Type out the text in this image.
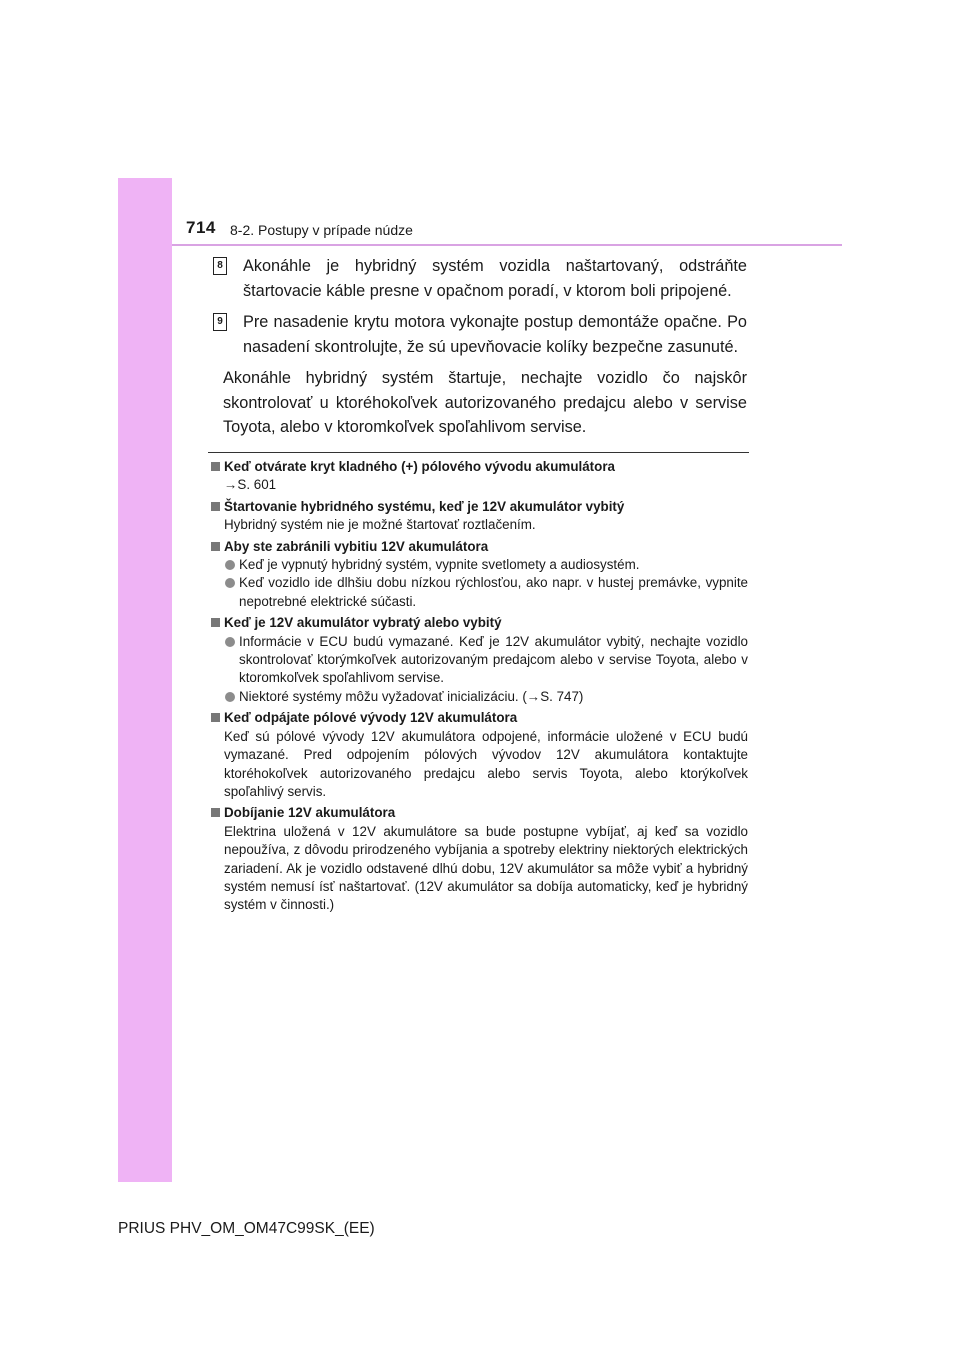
714 8-2. Postupy v prípade núdze
8 Akonáhle je hybridný systém vozidla naštartovaný, odstráňte štartovacie káble presne v opačnom poradí, v ktorom boli pripojené.
9 Pre nasadenie krytu motora vykonajte postup demontáže opačne. Po nasadení skontrolujte, že sú upevňovacie kolíky bezpečne zasunuté.
Akonáhle hybridný systém štartuje, nechajte vozidlo čo najskôr skontrolovať u ktoréhokoľvek autorizovaného predajcu alebo v servise Toyota, alebo v ktoromkoľvek spoľahlivom servise.
Keď otvárate kryt kladného (+) pólového vývodu akumulátora
→S. 601
Štartovanie hybridného systému, keď je 12V akumulátor vybitý
Hybridný systém nie je možné štartovať roztlačením.
Aby ste zabránili vybitiu 12V akumulátora
Keď je vypnutý hybridný systém, vypnite svetlomety a audiosystém.
Keď vozidlo ide dlhšiu dobu nízkou rýchlosťou, ako napr. v hustej premávke, vypnite nepotrebné elektrické súčasti.
Keď je 12V akumulátor vybratý alebo vybitý
Informácie v ECU budú vymazané. Keď je 12V akumulátor vybitý, nechajte vozidlo skontrolovať ktorýmkoľvek autorizovaným predajcom alebo v servise Toyota, alebo v ktoromkoľvek spoľahlivom servise.
Niektoré systémy môžu vyžadovať inicializáciu. (→S. 747)
Keď odpájate pólové vývody 12V akumulátora
Keď sú pólové vývody 12V akumulátora odpojené, informácie uložené v ECU budú vymazané. Pred odpojením pólových vývodov 12V akumulátora kontaktujte ktoréhokoľvek autorizovaného predajcu alebo servis Toyota, alebo ktorýkoľvek spoľahlivý servis.
Dobíjanie 12V akumulátora
Elektrina uložená v 12V akumulátore sa bude postupne vybíjať, aj keď sa vozidlo nepoužíva, z dôvodu prirodzeného vybíjania a spotreby elektriny niektorých elektrických zariadení. Ak je vozidlo odstavené dlhú dobu, 12V akumulátor sa môže vybiť a hybridný systém nemusí ísť naštartovať. (12V akumulátor sa dobíja automaticky, keď je hybridný systém v činnosti.)
PRIUS PHV_OM_OM47C99SK_(EE)
